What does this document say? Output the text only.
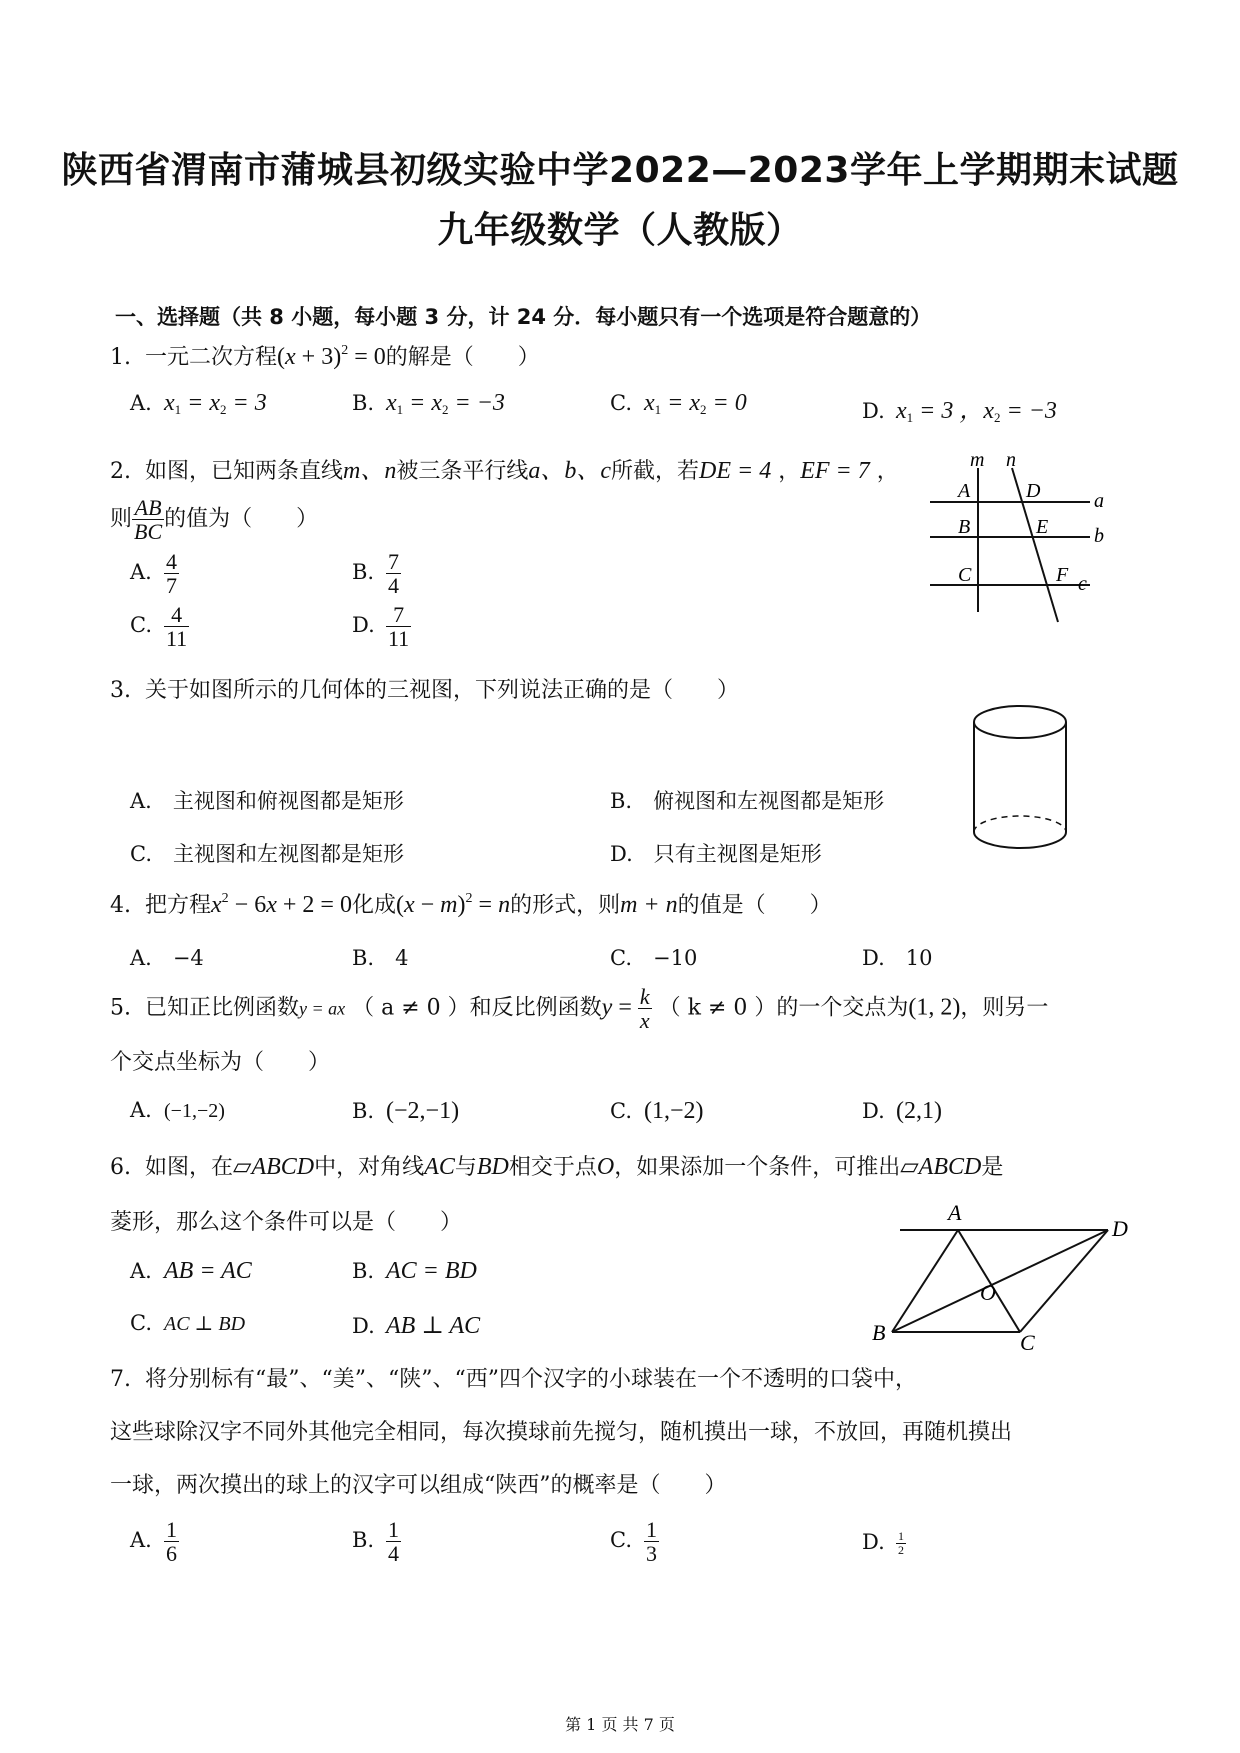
陕西省渭南市蒲城县初级实验中学2022—2023学年上学期期末试题
九年级数学（人教版）
一、选择题（共 8 小题，每小题 3 分，计 24 分．每小题只有一个选项是符合题意的）
1. 一元二次方程$(x + 3)^2 = 0$的解是（　　）
A. $x_1 = x_2 = 3$	B. $x_1 = x_2 = -3$	C. $x_1 = x_2 = 0$	D. $x_1 = 3$ ，$x_2 = -3$
2. 如图，已知两条直线m、n被三条平行线a、b、c所截，若DE = 4 ，EF = 7 ，
则 $\frac{AB}{BC}$ 的值为（　　）
A. $\frac{4}{7}$	B. $\frac{7}{4}$
C. $\frac{4}{11}$	D. $\frac{7}{11}$
m n
A	D	a
B	E b
C	F c
3. 关于如图所示的几何体的三视图，下列说法正确的是（　　）
A.　主视图和俯视图都是矩形	B.　俯视图和左视图都是矩形
C.　主视图和左视图都是矩形	D.　只有主视图是矩形
4. 把方程$x^2 - 6x + 2 = 0$化成$(x - m)^2 = n$的形式，则m + n的值是（　　）
A.　−4	B.　4	C.　−10	D.　10
5. 已知正比例函数y = ax （ a ≠ 0 ）和反比例函数$y = \frac{k}{x}$ （ k ≠ 0 ）的一个交点为(1, 2)，则另一
个交点坐标为（　　）
A. (−1,−2)	B. (−2,−1)	C. (1,−2)	D. (2,1)
6. 如图，在▱ABCD中，对角线AC与BD相交于点O，如果添加一个条件，可推出▱ABCD是
菱形，那么这个条件可以是（　　）
A. AB = AC	B. AC = BD
C. AC ⊥ BD	D. AB ⊥ AC
A
D
B	C
O
7. 将分别标有“最”、“美”、“陕”、“西”四个汉字的小球装在一个不透明的口袋中，
这些球除汉字不同外其他完全相同，每次摸球前先搅匀，随机摸出一球，不放回，再随机摸出
一球，两次摸出的球上的汉字可以组成“陕西”的概率是（　　）
A. $\frac{1}{6}$	B. $\frac{1}{4}$	C. $\frac{1}{3}$	D. $\frac{1}{2}$
第 1 页 共 7 页
